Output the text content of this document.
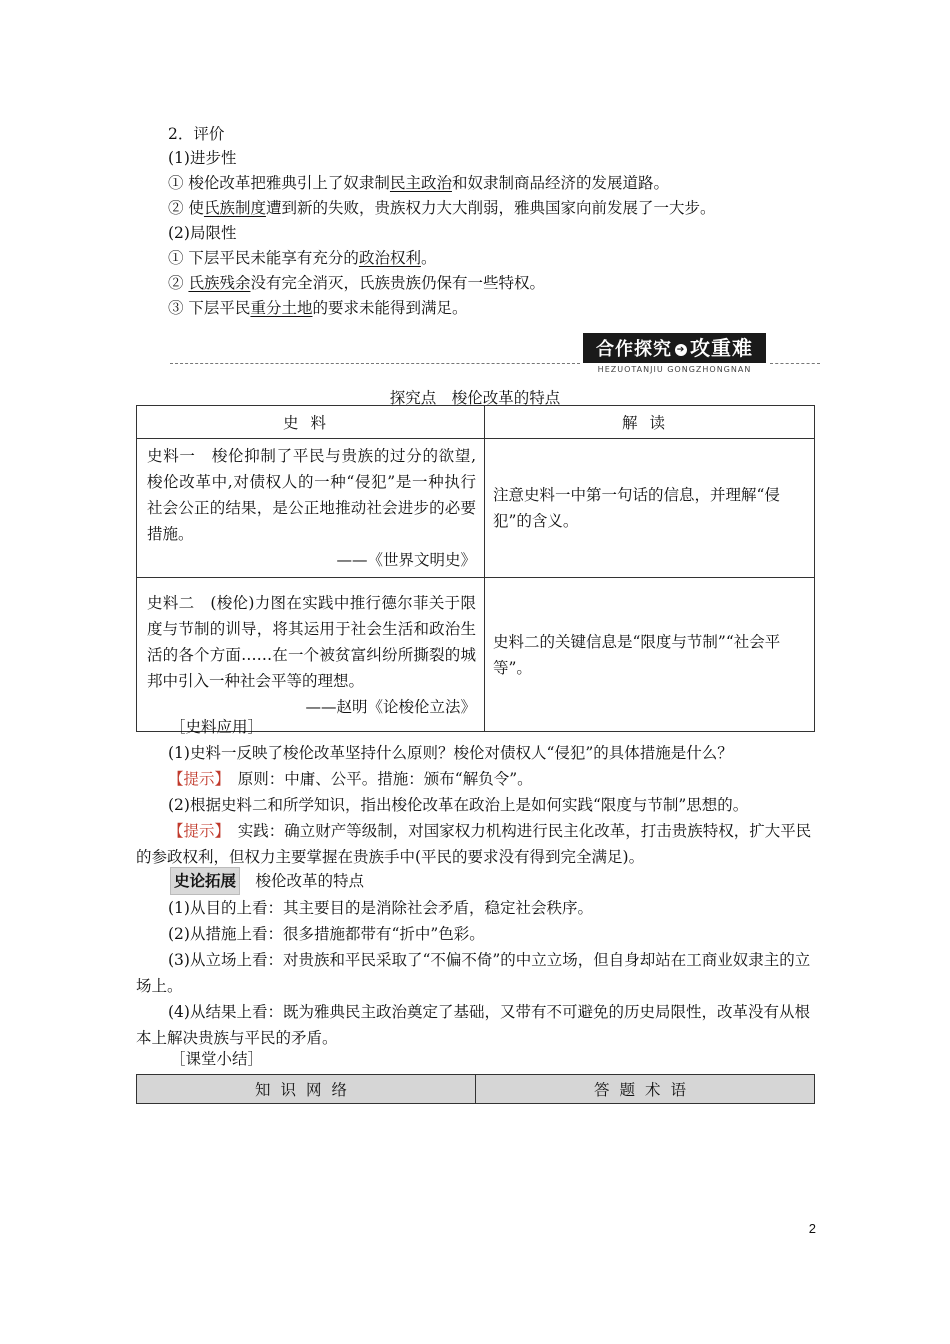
2．评价
(1)进步性
① 梭伦改革把雅典引上了奴隶制民主政治和奴隶制商品经济的发展道路。
② 使氏族制度遭到新的失败，贵族权力大大削弱，雅典国家向前发展了一大步。
(2)局限性
① 下层平民未能享有充分的政治权利。
② 氏族残余没有完全消灭，氏族贵族仍保有一些特权。
③ 下层平民重分土地的要求未能得到满足。
合作探究 ➔ 攻重难
HEZUOTANJIU GONGZHONGNAN
探究点　梭伦改革的特点
史料	解读

史料一　梭伦抑制了平民与贵族的过分的欲望,梭伦改革中,对债权人的一种“侵犯”是一种执行社会公正的结果，是公正地推动社会进步的必要措施。
——《世界文明史》	注意史料一中第一句话的信息，并理解“侵犯”的含义。

史料二　(梭伦)力图在实践中推行德尔菲关于限度与节制的训导，将其运用于社会生活和政治生活的各个方面……在一个被贫富纠纷所撕裂的城邦中引入一种社会平等的理想。
——赵明《论梭伦立法》	史料二的关键信息是“限度与节制”“社会平等”。
［史料应用］
(1)史料一反映了梭伦改革坚持什么原则？梭伦对债权人“侵犯”的具体措施是什么？
【提示】　 原则：中庸、公平。措施：颁布“解负令”。
(2)根据史料二和所学知识，指出梭伦改革在政治上是如何实践“限度与节制”思想的。
【提示】　 实践：确立财产等级制，对国家权力机构进行民主化改革，打击贵族特权，扩大平民的参政权利，但权力主要掌握在贵族手中(平民的要求没有得到完全满足)。
史论拓展　 梭伦改革的特点
(1)从目的上看：其主要目的是消除社会矛盾，稳定社会秩序。
(2)从措施上看：很多措施都带有“折中”色彩。
(3)从立场上看：对贵族和平民采取了“不偏不倚”的中立立场，但自身却站在工商业奴隶主的立场上。
(4)从结果上看：既为雅典民主政治奠定了基础，又带有不可避免的历史局限性，改革没有从根本上解决贵族与平民的矛盾。
［课堂小结］
知识网络	答题术语
2
